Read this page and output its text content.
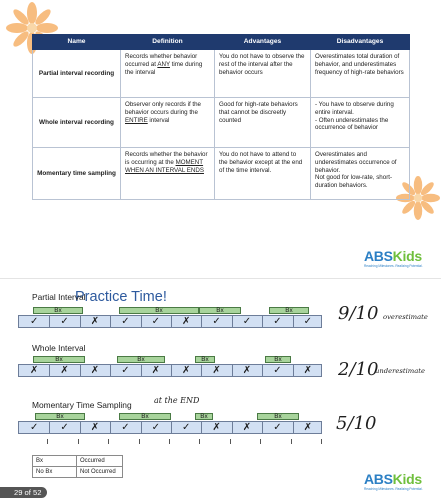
Name	Definition	Advantages	Disadvantages
Partial interval recording	Records whether behavior occurred at ANY time during the interval	You do not have to observe the rest of the interval after the behavior occurs	Overestimates total duration of behavior, and underestimates frequency of high-rate behaviors
Whole interval recording	Observer only records if the behavior occurs during the ENTIRE interval	Good for high-rate behaviors that cannot be discreetly counted	- You have to observe during entire interval.
- Often underestimates the occurrence of behavior

Momentary time sampling	Records whether the behavior is occurring at the MOMENT WHEN AN INTERVAL ENDS	You do not have to attend to the behavior except at the end of the time interval.	Overestimates and underestimates occurrence of behavior.
Not good for low-rate, short-duration behaviors.
ABSKids
Reaching Milestones. Realizing Potential.
Practice Time!
Partial Interval
Bx	Bx	Bx	Bx
✓	✓	✗	✓	✓	✗	✓	✓	✓	✓	9/10 overestimate
Whole Interval
Bx	Bx	Bx	Bx
✗	✗	✗	✓	✗	✗	✗	✗	✓	✗	2/10
underestimate
Momentary Time Sampling	at the END
Bx	Bx	Bx	Bx
✓	✓	✗	✓	✓	✓	✗	✗	✓	✗	5/10
Bx	Occurred
No Bx	Not Occurred	ABSKids
Reaching Milestones. Realizing Potential.
29 of 52
